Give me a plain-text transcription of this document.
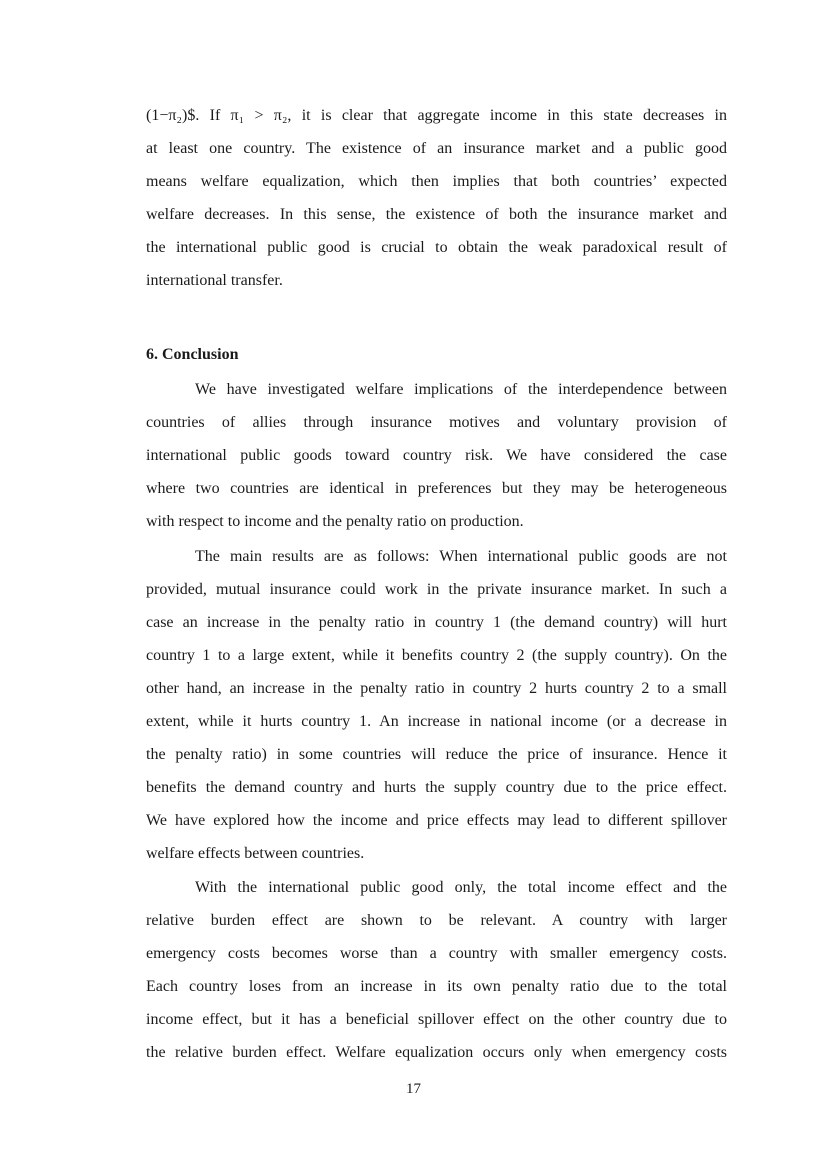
(1−π₂)$. If π₁ > π₂, it is clear that aggregate income in this state decreases in
at least one country. The existence of an insurance market and a public good
means welfare equalization, which then implies that both countries’ expected
welfare decreases. In this sense, the existence of both the insurance market and
the international public good is crucial to obtain the weak paradoxical result of
international transfer.
6. Conclusion
We have investigated welfare implications of the interdependence between
countries of allies through insurance motives and voluntary provision of
international public goods toward country risk. We have considered the case
where two countries are identical in preferences but they may be heterogeneous
with respect to income and the penalty ratio on production.
The main results are as follows: When international public goods are not
provided, mutual insurance could work in the private insurance market. In such a
case an increase in the penalty ratio in country 1 (the demand country) will hurt
country 1 to a large extent, while it benefits country 2 (the supply country). On the
other hand, an increase in the penalty ratio in country 2 hurts country 2 to a small
extent, while it hurts country 1. An increase in national income (or a decrease in
the penalty ratio) in some countries will reduce the price of insurance. Hence it
benefits the demand country and hurts the supply country due to the price effect.
We have explored how the income and price effects may lead to different spillover
welfare effects between countries.
With the international public good only, the total income effect and the
relative burden effect are shown to be relevant. A country with larger
emergency costs becomes worse than a country with smaller emergency costs.
Each country loses from an increase in its own penalty ratio due to the total
income effect, but it has a beneficial spillover effect on the other country due to
the relative burden effect. Welfare equalization occurs only when emergency costs
17
